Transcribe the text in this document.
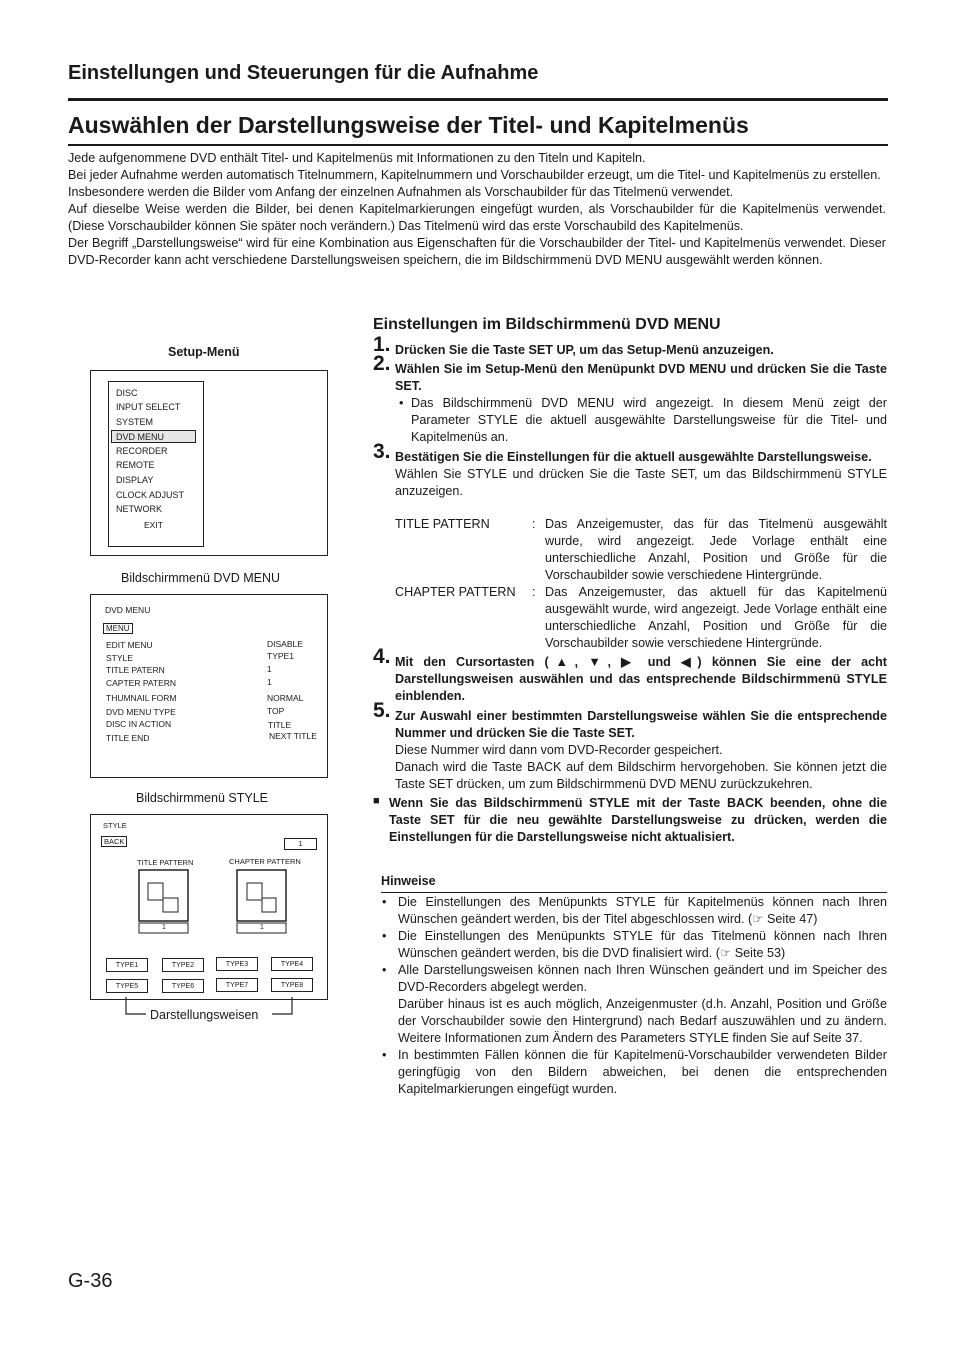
Einstellungen und Steuerungen für die Aufnahme
Auswählen der Darstellungsweise der Titel- und Kapitelmenüs

Jede aufgenommene DVD enthält Titel- und Kapitelmenüs mit Informationen zu den Titeln und Kapiteln.

Bei jeder Aufnahme werden automatisch Titelnummern, Kapitelnummern und Vorschaubilder erzeugt, um die Titel- und Kapitelmenüs zu erstellen.

Insbesondere werden die Bilder vom Anfang der einzelnen Aufnahmen als Vorschaubilder für das Titelmenü verwendet.

Auf dieselbe Weise werden die Bilder, bei denen Kapitelmarkierungen eingefügt wurden, als Vorschaubilder für die Kapitelmenüs verwendet. (Diese Vorschaubilder können Sie später noch verändern.) Das Titelmenü wird das erste Vorschaubild des Kapitelmenüs.

Der Begriff „Darstellungsweise“ wird für eine Kombination aus Eigenschaften für die Vorschaubilder der Titel- und Kapitelmenüs verwendet. Dieser DVD-Recorder kann acht verschiedene Darstellungsweisen speichern, die im Bildschirmmenü DVD MENU ausgewählt werden können.

Setup-Menü
DISC
INPUT SELECT
SYSTEM
DVD MENU
RECORDER
REMOTE
DISPLAY
CLOCK ADJUST
NETWORK
EXIT
Bildschirmmenü DVD MENU
DVD MENU
MENU
EDIT MENU	DISABLE
STYLE	TYPE1
TITLE PATERN	1
CAPTER PATERN	1
THUMNAIL FORM	NORMAL
DVD MENU TYPE	TOP
DISC IN ACTION	TITLE
TITLE END	NEXT TITLE
Bildschirmmenü STYLE
STYLE
BACK	1
TITLE PATTERN	CHAPTER PATTERN
1	1
TYPE1	TYPE2	TYPE3	TYPE4
TYPE5	TYPE6	TYPE7	TYPE8
Darstellungsweisen
Einstellungen im Bildschirmmenü DVD MENU
1. Drücken Sie die Taste SET UP, um das Setup-Menü anzuzeigen.
2. Wählen Sie im Setup-Menü den Menüpunkt DVD MENU und drücken Sie die Taste SET.
• Das Bildschirmmenü DVD MENU wird angezeigt. In diesem Menü zeigt der Parameter STYLE die aktuell ausgewählte Darstellungsweise für die Titel- und Kapitelmenüs an.
3. Bestätigen Sie die Einstellungen für die aktuell ausgewählte Darstellungsweise.
Wählen Sie STYLE und drücken Sie die Taste SET, um das Bildschirmmenü STYLE anzuzeigen.
TITLE PATTERN	: Das Anzeigemuster, das für das Titelmenü ausgewählt wurde, wird angezeigt. Jede Vorlage enthält eine unterschiedliche Anzahl, Position und Größe für die Vorschaubilder sowie verschiedene Hintergründe.
CHAPTER PATTERN : Das Anzeigemuster, das aktuell für das Kapitelmenü ausgewählt wurde, wird angezeigt. Jede Vorlage enthält eine unterschiedliche Anzahl, Position und Größe für die Vorschaubilder sowie verschiedene Hintergründe.
4. Mit den Cursortasten (▲, ▼, ▶ und ◀) können Sie eine der acht Darstellungsweisen auswählen und das entsprechende Bildschirmmenü STYLE einblenden.
5. Zur Auswahl einer bestimmten Darstellungsweise wählen Sie die entsprechende Nummer und drücken Sie die Taste SET.
Diese Nummer wird dann vom DVD-Recorder gespeichert.
Danach wird die Taste BACK auf dem Bildschirm hervorgehoben. Sie können jetzt die Taste SET drücken, um zum Bildschirmmenü DVD MENU zurückzukehren.
■ Wenn Sie das Bildschirmmenü STYLE mit der Taste BACK beenden, ohne die Taste SET für die neu gewählte Darstellungsweise zu drücken, werden die Einstellungen für die Darstellungsweise nicht aktualisiert.
Hinweise
• Die Einstellungen des Menüpunkts STYLE für Kapitelmenüs können nach Ihren Wünschen geändert werden, bis der Titel abgeschlossen wird. (☞ Seite 47)
• Die Einstellungen des Menüpunkts STYLE für das Titelmenü können nach Ihren Wünschen geändert werden, bis die DVD finalisiert wird. (☞ Seite 53)
• Alle Darstellungsweisen können nach Ihren Wünschen geändert und im Speicher des DVD-Recorders abgelegt werden.
Darüber hinaus ist es auch möglich, Anzeigenmuster (d.h. Anzahl, Position und Größe der Vorschaubilder sowie den Hintergrund) nach Bedarf auszuwählen und zu ändern. Weitere Informationen zum Ändern des Parameters STYLE finden Sie auf Seite 37.
• In bestimmten Fällen können die für Kapitelmenü-Vorschaubilder verwendeten Bilder geringfügig von den Bildern abweichen, bei denen die entsprechenden Kapitelmarkierungen eingefügt wurden.
G-36
